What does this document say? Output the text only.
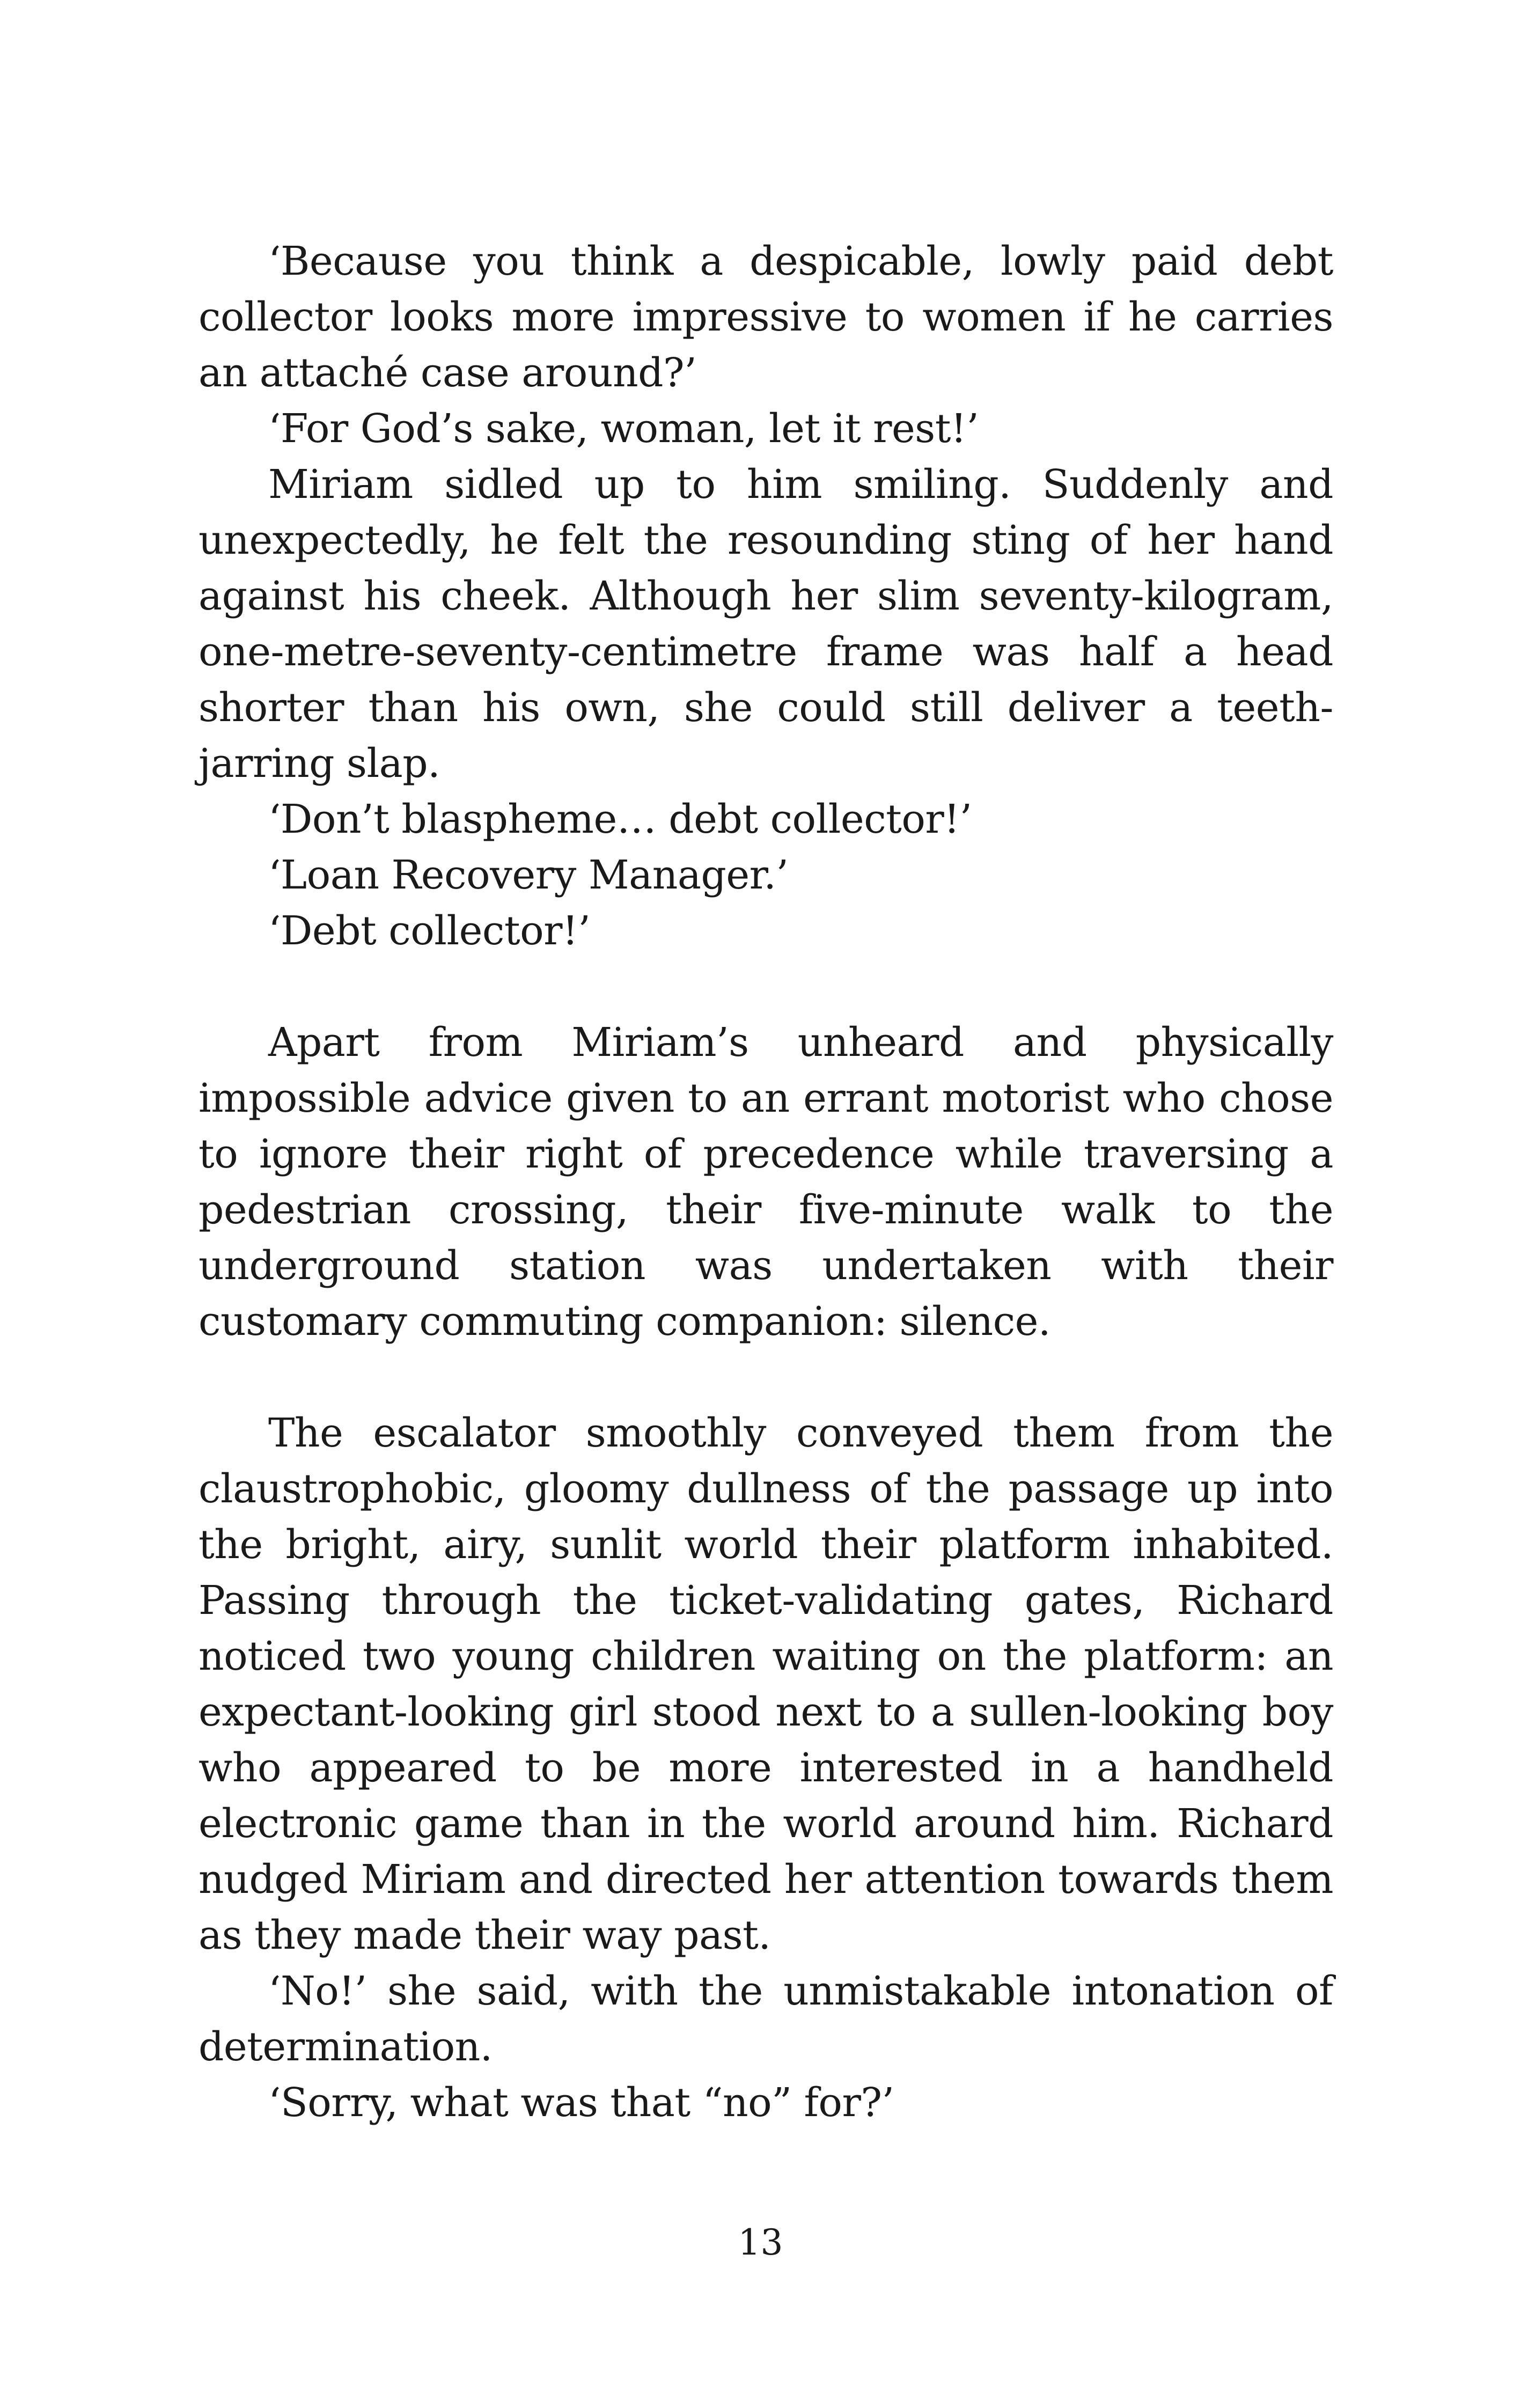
‘Because you think a despicable, lowly paid debt collector looks more impressive to women if he carries an attaché case around?’

‘For God’s sake, woman, let it rest!’

Miriam sidled up to him smiling. Suddenly and unexpectedly, he felt the resounding sting of her hand against his cheek. Although her slim seventy-kilogram, one-metre-seventy-centimetre frame was half a head shorter than his own, she could still deliver a teeth-jarring slap.

‘Don’t blaspheme… debt collector!’

‘Loan Recovery Manager.’

‘Debt collector!’

Apart from Miriam’s unheard and physically impossible advice given to an errant motorist who chose to ignore their right of precedence while traversing a pedestrian crossing, their five-minute walk to the underground station was undertaken with their customary commuting companion: silence.

The escalator smoothly conveyed them from the claustrophobic, gloomy dullness of the passage up into the bright, airy, sunlit world their platform inhabited. Passing through the ticket-validating gates, Richard noticed two young children waiting on the platform: an expectant-looking girl stood next to a sullen-looking boy who appeared to be more interested in a handheld electronic game than in the world around him. Richard nudged Miriam and directed her attention towards them as they made their way past.

‘No!’ she said, with the unmistakable intonation of determination.

‘Sorry, what was that “no” for?’

13
